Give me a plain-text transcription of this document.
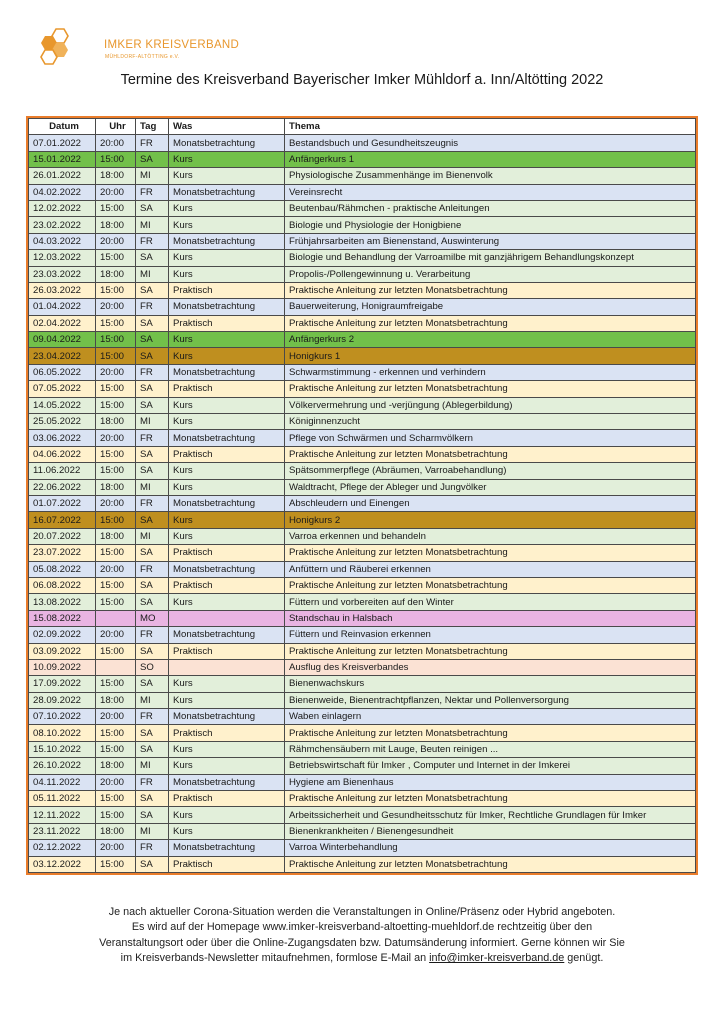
IMKER KREISVERBAND
MÜHLDORF-ALTÖTTING e.V.
Termine des Kreisverband Bayerischer Imker Mühldorf a. Inn/Altötting 2022
Datum	Uhr	Tag	Was	Thema
07.01.2022	20:00	FR	Monatsbetrachtung	Bestandsbuch und Gesundheitszeugnis
15.01.2022	15:00	SA	Kurs	Anfängerkurs 1
26.01.2022	18:00	MI	Kurs	Physiologische Zusammenhänge im Bienenvolk
04.02.2022	20:00	FR	Monatsbetrachtung	Vereinsrecht
12.02.2022	15:00	SA	Kurs	Beutenbau/Rähmchen - praktische Anleitungen
23.02.2022	18:00	MI	Kurs	Biologie und Physiologie der Honigbiene
04.03.2022	20:00	FR	Monatsbetrachtung	Frühjahrsarbeiten am Bienenstand, Auswinterung
12.03.2022	15:00	SA	Kurs	Biologie und Behandlung der Varroamilbe mit ganzjährigem Behandlungskonzept
23.03.2022	18:00	MI	Kurs	Propolis-/Pollengewinnung u. Verarbeitung
26.03.2022	15:00	SA	Praktisch	Praktische Anleitung zur letzten Monatsbetrachtung
01.04.2022	20:00	FR	Monatsbetrachtung	Bauerweiterung, Honigraumfreigabe
02.04.2022	15:00	SA	Praktisch	Praktische Anleitung zur letzten Monatsbetrachtung
09.04.2022	15:00	SA	Kurs	Anfängerkurs 2
23.04.2022	15:00	SA	Kurs	Honigkurs 1
06.05.2022	20:00	FR	Monatsbetrachtung	Schwarmstimmung - erkennen und verhindern
07.05.2022	15:00	SA	Praktisch	Praktische Anleitung zur letzten Monatsbetrachtung
14.05.2022	15:00	SA	Kurs	Völkervermehrung und -verjüngung (Ablegerbildung)
25.05.2022	18:00	MI	Kurs	Königinnenzucht
03.06.2022	20:00	FR	Monatsbetrachtung	Pflege von Schwärmen und Scharmvölkern
04.06.2022	15:00	SA	Praktisch	Praktische Anleitung zur letzten Monatsbetrachtung
11.06.2022	15:00	SA	Kurs	Spätsommerpflege (Abräumen, Varroabehandlung)
22.06.2022	18:00	MI	Kurs	Waldtracht, Pflege der Ableger und Jungvölker
01.07.2022	20:00	FR	Monatsbetrachtung	Abschleudern und Einengen
16.07.2022	15:00	SA	Kurs	Honigkurs 2
20.07.2022	18:00	MI	Kurs	Varroa erkennen und behandeln
23.07.2022	15:00	SA	Praktisch	Praktische Anleitung zur letzten Monatsbetrachtung
05.08.2022	20:00	FR	Monatsbetrachtung	Anfüttern und Räuberei erkennen
06.08.2022	15:00	SA	Praktisch	Praktische Anleitung zur letzten Monatsbetrachtung
13.08.2022	15:00	SA	Kurs	Füttern und vorbereiten auf den Winter
15.08.2022		MO		Standschau in Halsbach
02.09.2022	20:00	FR	Monatsbetrachtung	Füttern und Reinvasion erkennen
03.09.2022	15:00	SA	Praktisch	Praktische Anleitung zur letzten Monatsbetrachtung
10.09.2022		SO		Ausflug des Kreisverbandes
17.09.2022	15:00	SA	Kurs	Bienenwachskurs
28.09.2022	18:00	MI	Kurs	Bienenweide, Bienentrachtpflanzen, Nektar und Pollenversorgung
07.10.2022	20:00	FR	Monatsbetrachtung	Waben einlagern
08.10.2022	15:00	SA	Praktisch	Praktische Anleitung zur letzten Monatsbetrachtung
15.10.2022	15:00	SA	Kurs	Rähmchensäubern mit Lauge, Beuten reinigen ...
26.10.2022	18:00	MI	Kurs	Betriebswirtschaft für Imker , Computer und Internet in der Imkerei
04.11.2022	20:00	FR	Monatsbetrachtung	Hygiene am Bienenhaus
05.11.2022	15:00	SA	Praktisch	Praktische Anleitung zur letzten Monatsbetrachtung
12.11.2022	15:00	SA	Kurs	Arbeitssicherheit und Gesundheitsschutz für Imker, Rechtliche Grundlagen für Imker
23.11.2022	18:00	MI	Kurs	Bienenkrankheiten / Bienengesundheit
02.12.2022	20:00	FR	Monatsbetrachtung	Varroa Winterbehandlung
03.12.2022	15:00	SA	Praktisch	Praktische Anleitung zur letzten Monatsbetrachtung

Je nach aktueller Corona-Situation werden die Veranstaltungen in Online/Präsenz oder Hybrid angeboten.

Es wird auf der Homepage www.imker-kreisverband-altoetting-muehldorf.de rechtzeitig über den

Veranstaltungsort oder über die Online-Zugangsdaten bzw. Datumsänderung informiert. Gerne können wir Sie

im Kreisverbands-Newsletter mitaufnehmen, formlose E-Mail an info@imker-kreisverband.de genügt.
